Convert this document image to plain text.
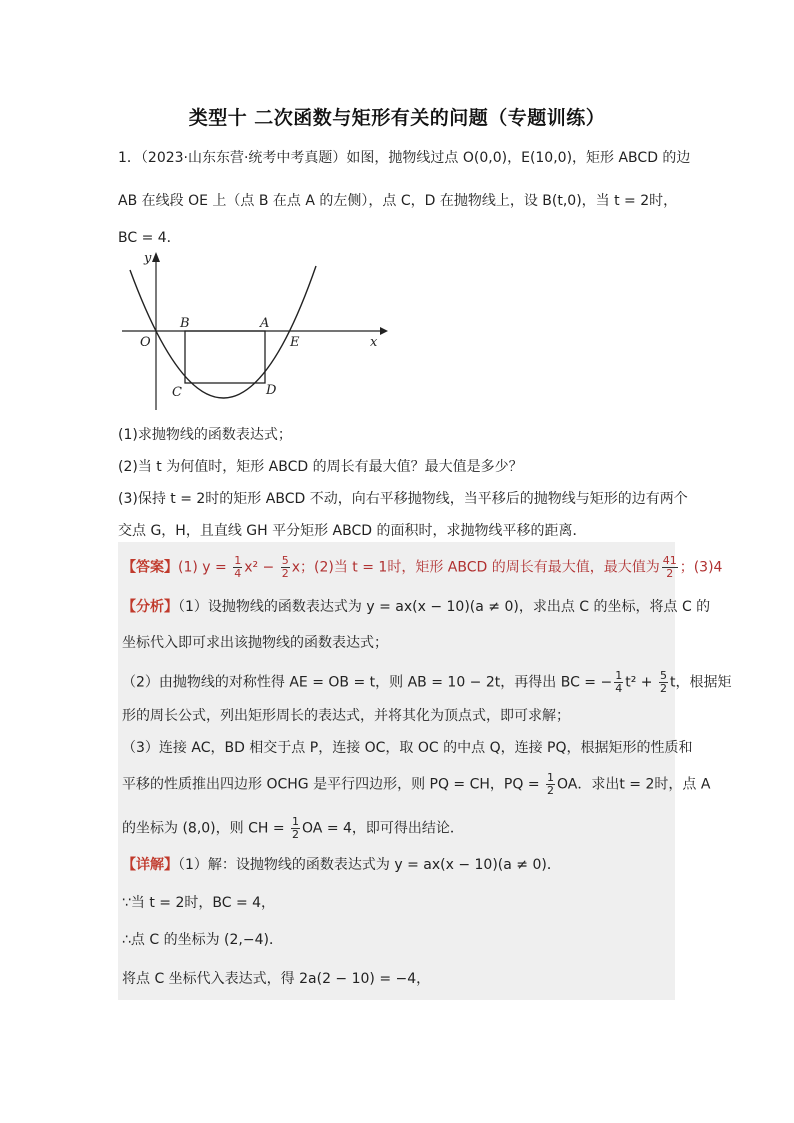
类型十 二次函数与矩形有关的问题（专题训练）
1．（2023·山东东营·统考中考真题）如图，抛物线过点 O(0,0)，E(10,0)，矩形 ABCD 的边
AB 在线段 OE 上（点 B 在点 A 的左侧），点 C，D 在抛物线上，设 B(t,0)，当 t = 2时，
BC = 4．
y
x
O
B	A
E
C	D
(1)求抛物线的函数表达式；
(2)当 t 为何值时，矩形 ABCD 的周长有最大值？最大值是多少？
(3)保持 t = 2时的矩形 ABCD 不动，向右平移抛物线，当平移后的抛物线与矩形的边有两个
交点 G，H，且直线 GH 平分矩形 ABCD 的面积时，求抛物线平移的距离．
【答案】(1) $y = \frac{1}{4} x^2 - \frac{5}{2}$ x；(2)当 t = 1时，矩形 ABCD 的周长有最大值，最大值为 $\frac{41}{2}$ ；(3)4
【分析】（1）设抛物线的函数表达式为 y = ax(x − 10)(a ≠ 0)，求出点 C 的坐标，将点 C 的
坐标代入即可求出该抛物线的函数表达式；
（2）由抛物线的对称性得 AE = OB = t，则 AB = 10 − 2t，再得出 BC = − $\frac{1}{4} t^2 + \frac{5}{2}$ t，根据矩
形的周长公式，列出矩形周长的表达式，并将其化为顶点式，即可求解；
（3）连接 AC，BD 相交于点 P，连接 OC，取 OC 的中点 Q，连接 PQ，根据矩形的性质和
平移的性质推出四边形 OCHG 是平行四边形，则 PQ = CH，PQ = $\frac{1}{2}$ OA．求出t = 2时，点 A
的坐标为 (8,0)，则 CH = $\frac{1}{2}$ OA = 4，即可得出结论．
【详解】（1）解：设抛物线的函数表达式为 y = ax(x − 10)(a ≠ 0)．
∵当 t = 2时，BC = 4，
∴点 C 的坐标为 (2,−4)．
将点 C 坐标代入表达式，得 2a(2 − 10) = −4，
